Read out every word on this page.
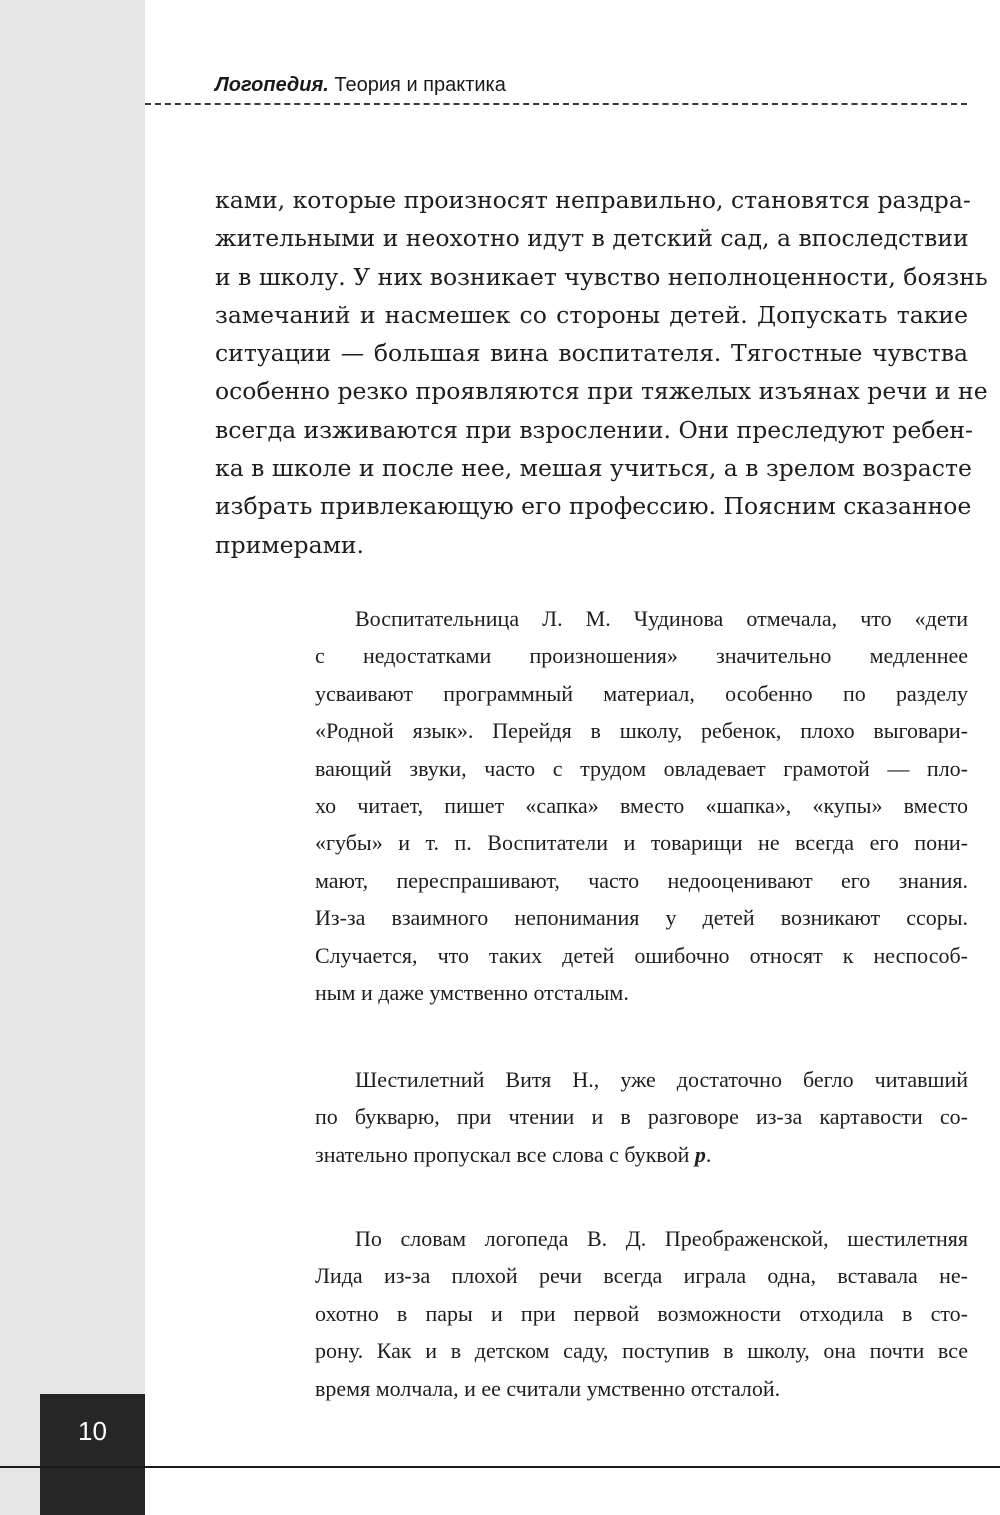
Логопедия. Теория и практика
ками, которые произносят неправильно, становятся раздра-
жительными и неохотно идут в детский сад, а впоследствии
и в школу. У них возникает чувство неполноценности, боязнь
замечаний и насмешек со стороны детей. Допускать такие
ситуации — большая вина воспитателя. Тягостные чувства
особенно резко проявляются при тяжелых изъянах речи и не
всегда изживаются при взрослении. Они преследуют ребен-
ка в школе и после нее, мешая учиться, а в зрелом возрасте
избрать привлекающую его профессию. Поясним сказанное
примерами.
Воспитательница Л. М. Чудинова отмечала, что «дети
с недостатками произношения» значительно медленнее
усваивают программный материал, особенно по разделу
«Родной язык». Перейдя в школу, ребенок, плохо выговари-
вающий звуки, часто с трудом овладевает грамотой — пло-
хо читает, пишет «сапка» вместо «шапка», «купы» вместо
«губы» и т. п. Воспитатели и товарищи не всегда его пони-
мают, переспрашивают, часто недооценивают его знания.
Из-за взаимного непонимания у детей возникают ссоры.
Случается, что таких детей ошибочно относят к неспособ-
ным и даже умственно отсталым.
Шестилетний Витя Н., уже достаточно бегло читавший
по букварю, при чтении и в разговоре из-за картавости со-
знательно пропускал все слова с буквой р.
По словам логопеда В. Д. Преображенской, шестилетняя
Лида из-за плохой речи всегда играла одна, вставала не-
охотно в пары и при первой возможности отходила в сто-
рону. Как и в детском саду, поступив в школу, она почти все
время молчала, и ее считали умственно отсталой.
10
